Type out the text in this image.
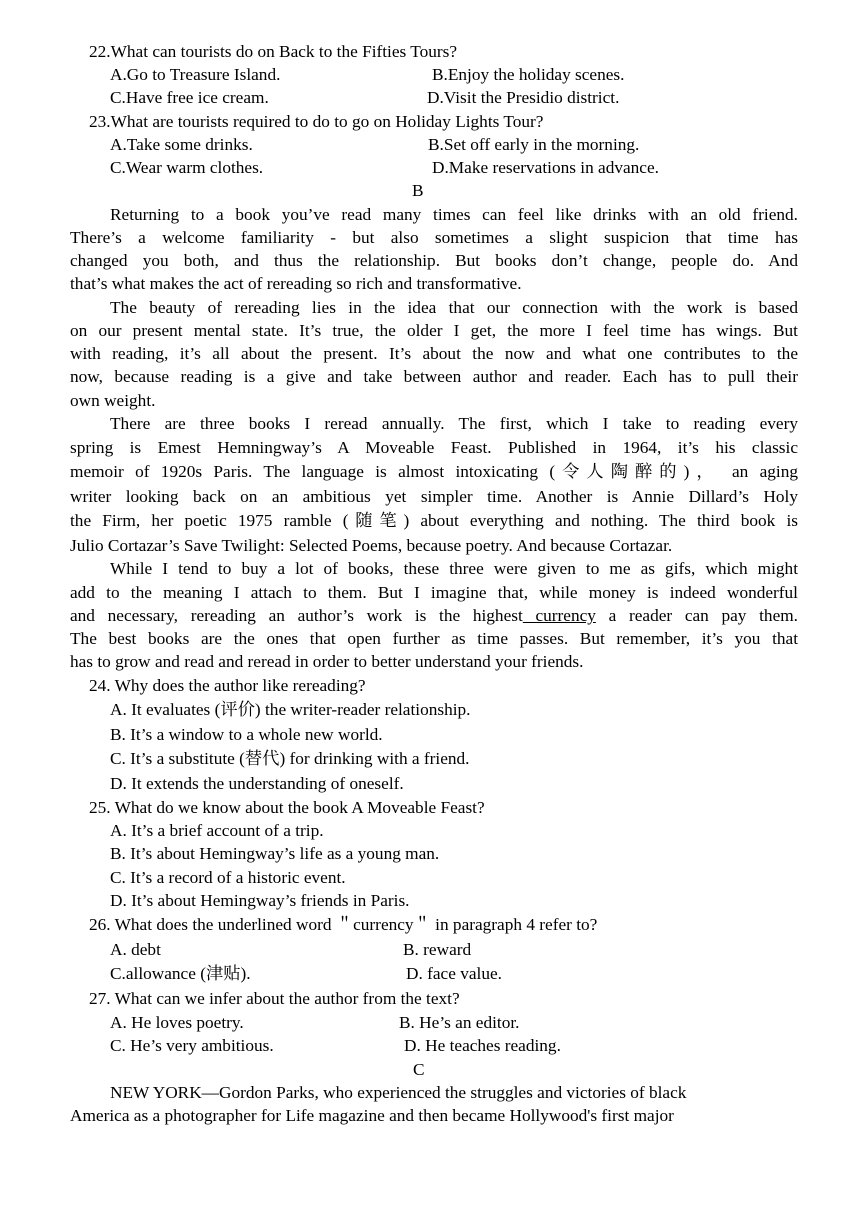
22.What can tourists do on Back to the Fifties Tours?
A.Go to Treasure Island.	B.Enjoy the holiday scenes.
C.Have free ice cream.	D.Visit the Presidio district.
23.What are tourists required to do to go on Holiday Lights Tour?
A.Take some drinks.	B.Set off early in the morning.
C.Wear warm clothes.	D.Make reservations in advance.
B
Returning to a book you’ve read many times can feel like drinks with an old friend.
There’s a welcome familiarity - but also sometimes a slight suspicion that time has
changed you both, and thus the relationship. But books don’t change, people do. And
that’s what makes the act of rereading so rich and transformative.
The beauty of rereading lies in the idea that our connection with the work is based
on our present mental state. It’s true, the older I get, the more I feel time has wings. But
with reading, it’s all about the present. It’s about the now and what one contributes to the
now, because reading is a give and take between author and reader. Each has to pull their
own weight.
There are three books I reread annually. The first, which I take to reading every
spring is Emest Hemningway’s A Moveable Feast. Published in 1964, it’s his classic
memoir of 1920s Paris. The language is almost intoxicating (令人陶醉的)， an aging
writer looking back on an ambitious yet simpler time. Another is Annie Dillard’s Holy
the Firm, her poetic 1975 ramble (随笔) about everything and nothing. The third book is
Julio Cortazar’s Save Twilight: Selected Poems, because poetry. And because Cortazar.
While I tend to buy a lot of books, these three were given to me as gifs, which might
add to the meaning I attach to them. But I imagine that, while money is indeed wonderful
and necessary, rereading an author’s work is the highest currency a reader can pay them.
The best books are the ones that open further as time passes. But remember, it’s you that
has to grow and read and reread in order to better understand your friends.
24. Why does the author like rereading?
A. It evaluates (评价) the writer-reader relationship.
B. It’s a window to a whole new world.
C. It’s a substitute (替代) for drinking with a friend.
D. It extends the understanding of oneself.
25. What do we know about the book A Moveable Feast?
A. It’s a brief account of a trip.
B. It’s about Hemingway’s life as a young man.
C. It’s a record of a historic event.
D. It’s about Hemingway’s friends in Paris.
26. What does the underlined word ＂currency＂ in paragraph 4 refer to?
A. debt	B. reward
C.allowance (津贴).	D. face value.
27. What can we infer about the author from the text?
A. He loves poetry.	B. He’s an editor.
C. He’s very ambitious.	D. He teaches reading.
C
NEW YORK—Gordon Parks, who experienced the struggles and victories of black
America as a photographer for Life magazine and then became Hollywood's first major
